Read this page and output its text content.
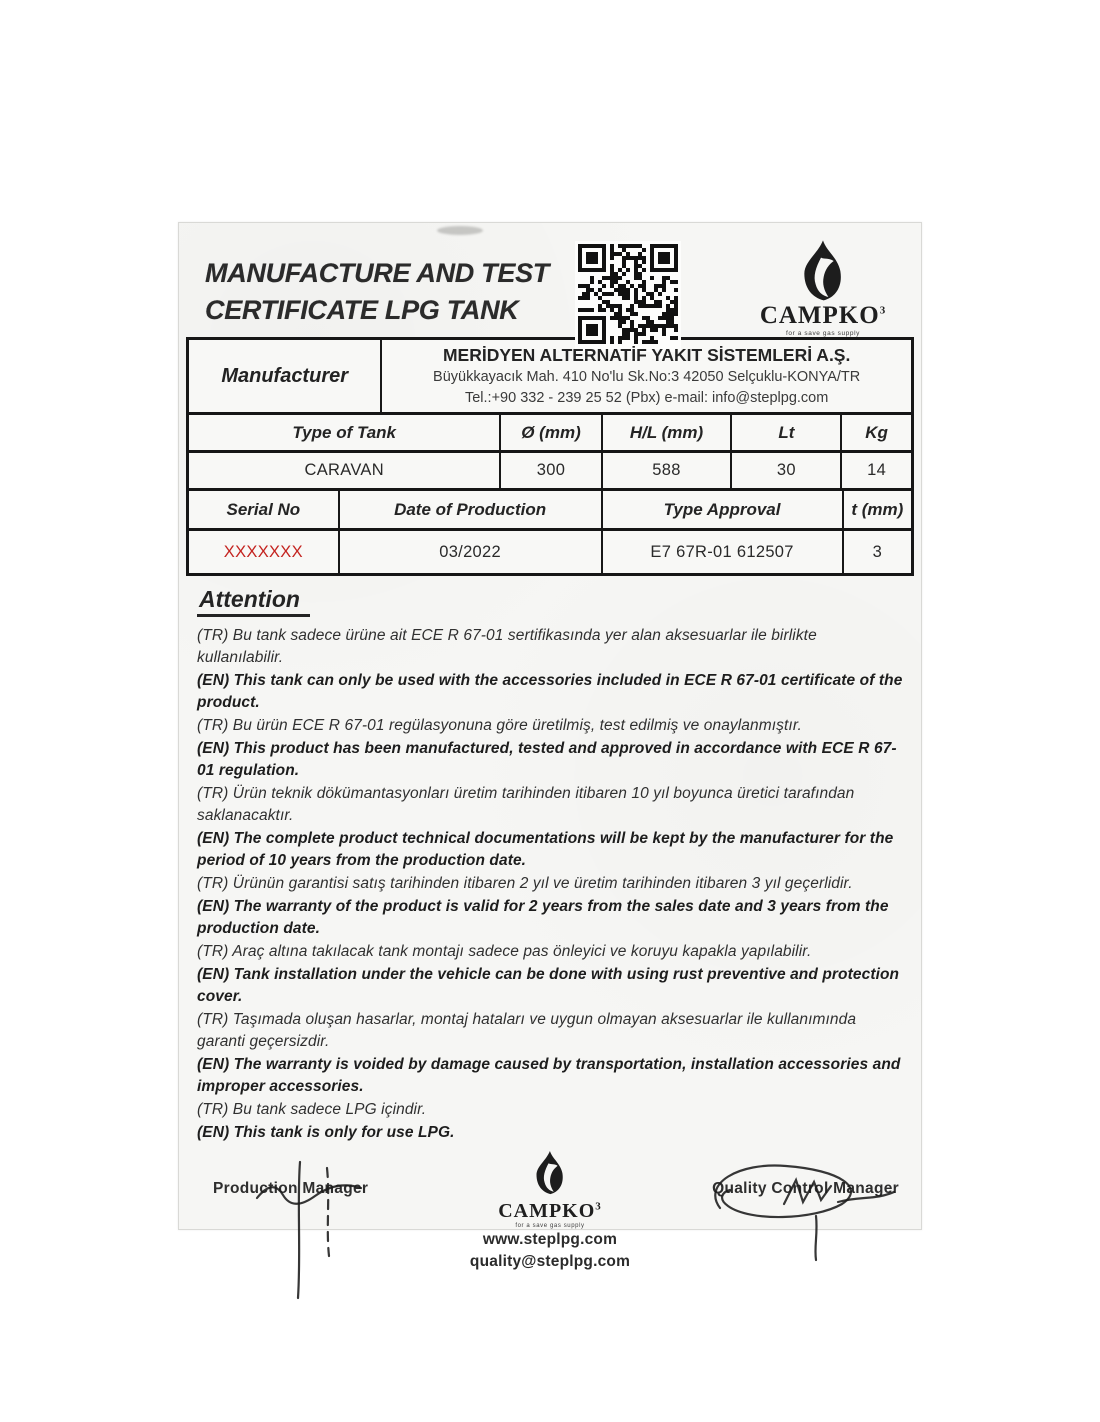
MANUFACTURE AND TEST
CERTIFICATE LPG TANK	CAMPKO$^3$
for a save gas supply
Manufacturer
MERİDYEN ALTERNATİF YAKIT SİSTEMLERİ A.Ş.
Büyükkayacık Mah. 410 No'lu Sk.No:3 42050 Selçuklu-KONYA/TR
Tel.:+90 332 - 239 25 52 (Pbx) e-mail: info@steplpg.com
Type of Tank	Ø (mm)	H/L (mm)	Lt	Kg
CARAVAN	300	588	30	14
Serial No	Date of Production	Type Approval	t (mm)
XXXXXXX	03/2022	E7 67R-01 612507	3
Attention

(TR) Bu tank sadece ürüne ait ECE R 67-01 sertifikasında yer alan aksesuarlar ile birlikte kullanılabilir.

(EN) This tank can only be used with the accessories included in ECE R 67-01 certificate of the product.

(TR) Bu ürün ECE R 67-01 regülasyonuna göre üretilmiş, test edilmiş ve onaylanmıştır.

(EN) This product has been manufactured, tested and approved in accordance with ECE R 67-01 regulation.

(TR) Ürün teknik dökümantasyonları üretim tarihinden itibaren 10 yıl boyunca üretici tarafından saklanacaktır.

(EN) The complete product technical documentations will be kept by the manufacturer for the period of 10 years from the production date.

(TR) Ürünün garantisi satış tarihinden itibaren 2 yıl ve üretim tarihinden itibaren 3 yıl geçerlidir.

(EN) The warranty of the product is valid for 2 years from the sales date and 3 years from the production date.

(TR) Araç altına takılacak tank montajı sadece pas önleyici ve koruyu kapakla yapılabilir.

(EN) Tank installation under the vehicle can be done with using rust preventive and protection cover.

(TR) Taşımada oluşan hasarlar, montaj hataları ve uygun olmayan aksesuarlar ile kullanımında garanti geçersizdir.

(EN) The warranty is voided by damage caused by transportation, installation accessories and improper accessories.

(TR) Bu tank sadece LPG içindir.

(EN) This tank is only for use LPG.

Production Manager
CAMPKO$^3$
for a save gas supply
www.steplpg.com
quality@steplpg.com
Quality Control Manager
